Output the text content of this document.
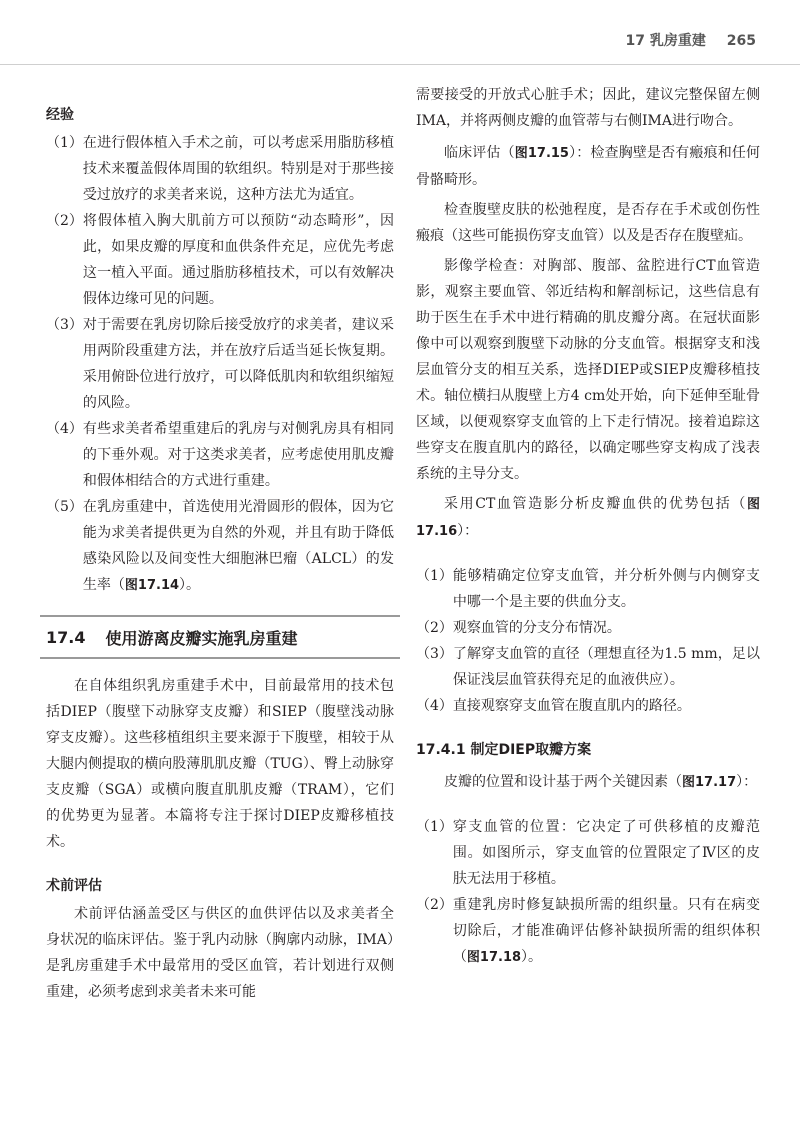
17 乳房重建 265
经验
（1） 在进行假体植入手术之前，可以考虑采用脂肪移植技术来覆盖假体周围的软组织。特别是对于那些接受过放疗的求美者来说，这种方法尤为适宜。
（2） 将假体植入胸大肌前方可以预防“动态畸形”，因此，如果皮瓣的厚度和血供条件充足，应优先考虑这一植入平面。通过脂肪移植技术，可以有效解决假体边缘可见的问题。
（3） 对于需要在乳房切除后接受放疗的求美者，建议采用两阶段重建方法，并在放疗后适当延长恢复期。采用俯卧位进行放疗，可以降低肌肉和软组织缩短的风险。
（4） 有些求美者希望重建后的乳房与对侧乳房具有相同的下垂外观。对于这类求美者，应考虑使用肌皮瓣和假体相结合的方式进行重建。
（5） 在乳房重建中，首选使用光滑圆形的假体，因为它能为求美者提供更为自然的外观，并且有助于降低感染风险以及间变性大细胞淋巴瘤（ALCL）的发生率（图17.14）。
17.4 使用游离皮瓣实施乳房重建

在自体组织乳房重建手术中，目前最常用的技术包括DIEP（腹壁下动脉穿支皮瓣）和SIEP（腹壁浅动脉穿支皮瓣）。这些移植组织主要来源于下腹壁，相较于从大腿内侧提取的横向股薄肌肌皮瓣（TUG）、臀上动脉穿支皮瓣（SGA）或横向腹直肌肌皮瓣（TRAM），它们的优势更为显著。本篇将专注于探讨DIEP皮瓣移植技术。

术前评估

术前评估涵盖受区与供区的血供评估以及求美者全身状况的临床评估。鉴于乳内动脉（胸廓内动脉，IMA）是乳房重建手术中最常用的受区血管，若计划进行双侧重建，必须考虑到求美者未来可能

需要接受的开放式心脏手术；因此，建议完整保留左侧IMA，并将两侧皮瓣的血管蒂与右侧IMA进行吻合。

临床评估（图17.15）：检查胸壁是否有瘢痕和任何骨骼畸形。

检查腹壁皮肤的松弛程度，是否存在手术或创伤性瘢痕（这些可能损伤穿支血管）以及是否存在腹壁疝。

影像学检查：对胸部、腹部、盆腔进行CT血管造影，观察主要血管、邻近结构和解剖标记，这些信息有助于医生在手术中进行精确的肌皮瓣分离。在冠状面影像中可以观察到腹壁下动脉的分支血管。根据穿支和浅层血管分支的相互关系，选择DIEP或SIEP皮瓣移植技术。轴位横扫从腹壁上方4 cm处开始，向下延伸至耻骨区域，以便观察穿支血管的上下走行情况。接着追踪这些穿支在腹直肌内的路径，以确定哪些穿支构成了浅表系统的主导分支。

采用CT血管造影分析皮瓣血供的优势包括（图17.16）：

（1） 能够精确定位穿支血管，并分析外侧与内侧穿支中哪一个是主要的供血分支。
（2） 观察血管的分支分布情况。
（3） 了解穿支血管的直径（理想直径为1.5 mm，足以保证浅层血管获得充足的血液供应）。
（4） 直接观察穿支血管在腹直肌内的路径。
17.4.1 制定DIEP取瓣方案

皮瓣的位置和设计基于两个关键因素（图17.17）：

（1） 穿支血管的位置：它决定了可供移植的皮瓣范围。如图所示，穿支血管的位置限定了Ⅳ区的皮肤无法用于移植。
（2） 重建乳房时修复缺损所需的组织量。只有在病变切除后，才能准确评估修补缺损所需的组织体积（图17.18）。
